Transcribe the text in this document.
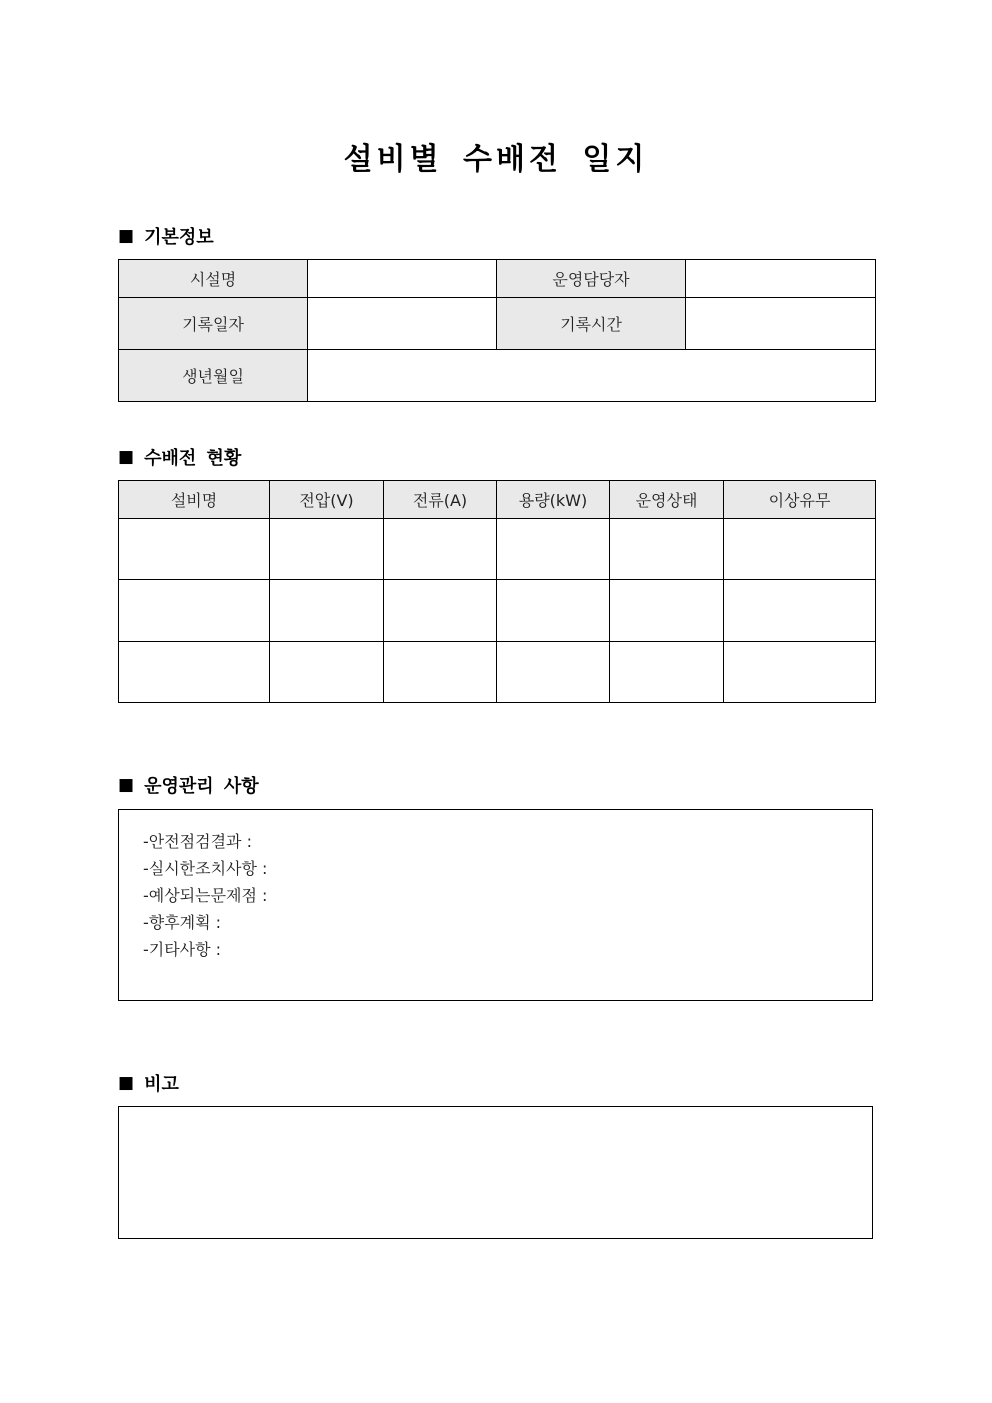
설비별 수배전 일지
■ 기본정보
시설명		운영담당자	
기록일자		기록시간	
생년월일			
■ 수배전 현황
설비명	전압(V)	전류(A)	용량(kW)	운영상태	이상유무

■ 운영관리 사항
-안전점검결과 :
-실시한조치사항 :
-예상되는문제점 :
-향후계획 :
-기타사항 :
■ 비고
